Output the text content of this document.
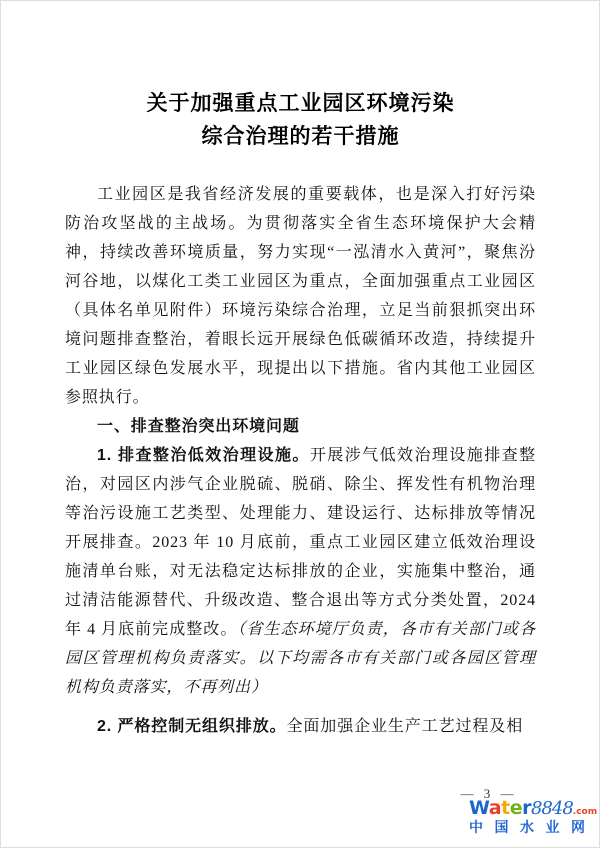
关于加强重点工业园区环境污染
综合治理的若干措施

工业园区是我省经济发展的重要载体，也是深入打好污染防治攻坚战的主战场。为贯彻落实全省生态环境保护大会精神，持续改善环境质量，努力实现“一泓清水入黄河”，聚焦汾河谷地，以煤化工类工业园区为重点，全面加强重点工业园区（具体名单见附件）环境污染综合治理，立足当前狠抓突出环境问题排查整治，着眼长远开展绿色低碳循环改造，持续提升工业园区绿色发展水平，现提出以下措施。省内其他工业园区参照执行。

一、排查整治突出环境问题

1. 排查整治低效治理设施。开展涉气低效治理设施排查整治，对园区内涉气企业脱硫、脱硝、除尘、挥发性有机物治理等治污设施工艺类型、处理能力、建设运行、达标排放等情况开展排查。2023 年 10 月底前，重点工业园区建立低效治理设施清单台账，对无法稳定达标排放的企业，实施集中整治，通过清洁能源替代、升级改造、整合退出等方式分类处置，2024 年 4 月底前完成整改。（省生态环境厅负责，各市有关部门或各园区管理机构负责落实。以下均需各市有关部门或各园区管理机构负责落实，不再列出）

2. 严格控制无组织排放。全面加强企业生产工艺过程及相

— 3 —
Water8848.com
中国水业网
